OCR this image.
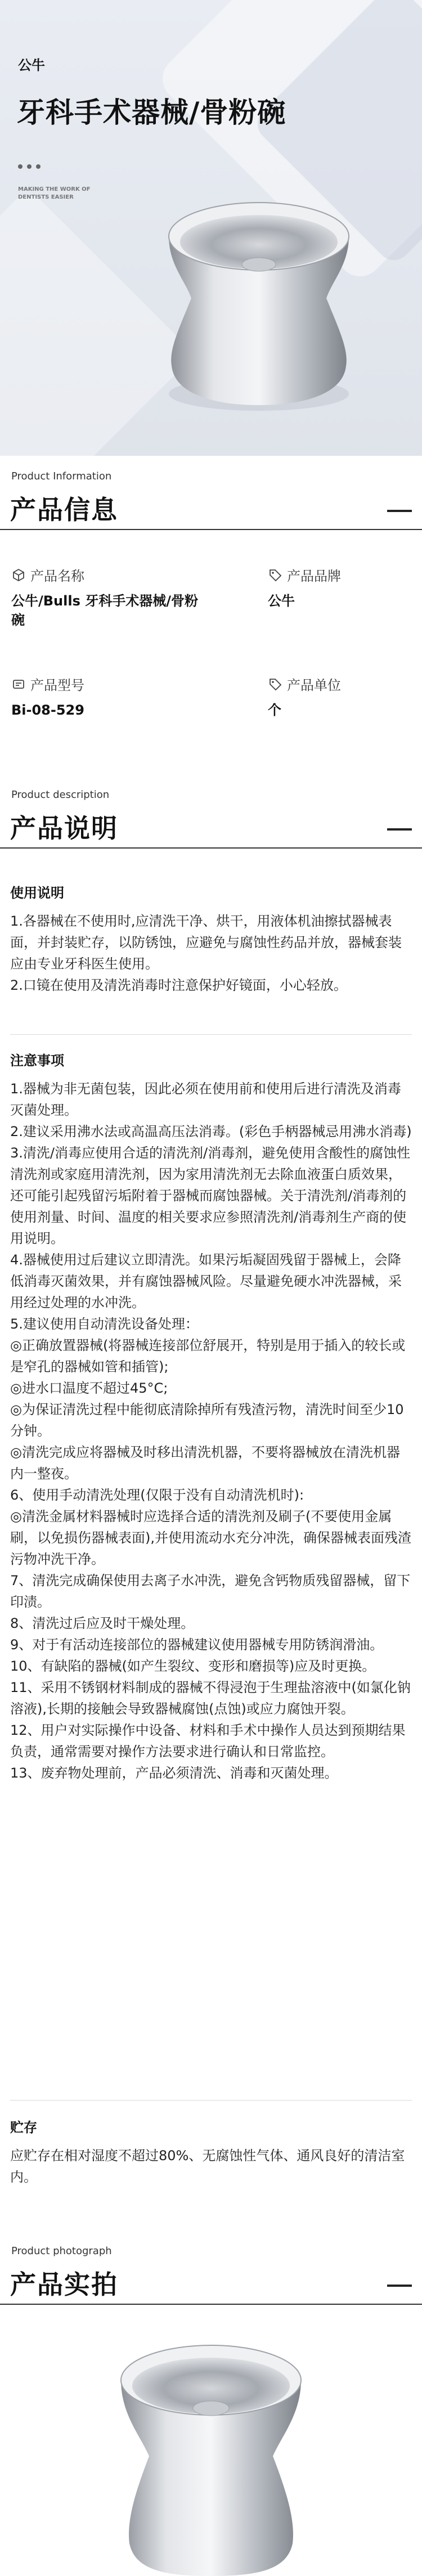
公牛
牙科手术器械/骨粉碗
MAKING THE WORK OF
DENTISTS EASIER
Product Information
产品信息
产品名称
公牛/Bulls 牙科手术器械/骨粉碗
产品品牌
公牛
产品型号
Bi-08-529
产品单位
个
Product description
产品说明
使用说明

1.各器械在不使用时,应清洗干净、烘干，用液体机油擦拭器械表面，并封装贮存，以防锈蚀，应避免与腐蚀性药品并放，器械套装应由专业牙科医生使用。

2.口镜在使用及清洗消毒时注意保护好镜面，小心轻放。

注意事项

1.器械为非无菌包装，因此必须在使用前和使用后进行清洗及消毒灭菌处理。

2.建议采用沸水法或高温高压法消毒。(彩色手柄器械忌用沸水消毒)

3.清洗/消毒应使用合适的清洗剂/消毒剂，避免使用含酸性的腐蚀性清洗剂或家庭用清洗剂，因为家用清洗剂无去除血液蛋白质效果，还可能引起残留污垢附着于器械而腐蚀器械。关于清洗剂/消毒剂的使用剂量、时间、温度的相关要求应参照清洗剂/消毒剂生产商的使用说明。

4.器械使用过后建议立即清洗。如果污垢凝固残留于器械上，会降低消毒灭菌效果，并有腐蚀器械风险。尽量避免硬水冲洗器械，采用经过处理的水冲洗。

5.建议使用自动清洗设备处理：

◎正确放置器械(将器械连接部位舒展开，特别是用于插入的较长或是窄孔的器械如管和插管);

◎进水口温度不超过45°C;

◎为保证清洗过程中能彻底清除掉所有残渣污物，清洗时间至少10分钟。

◎清洗完成应将器械及时移出清洗机器，不要将器械放在清洗机器内一整夜。

6、使用手动清洗处理(仅限于没有自动清洗机时):

◎清洗金属材料器械时应选择合适的清洗剂及刷子(不要使用金属刷，以免损伤器械表面),并使用流动水充分冲洗，确保器械表面残渣污物冲洗干净。

7、清洗完成确保使用去离子水冲洗，避免含钙物质残留器械，留下印渍。

8、清洗过后应及时干燥处理。

9、对于有活动连接部位的器械建议使用器械专用防锈润滑油。

10、有缺陷的器械(如产生裂纹、变形和磨损等)应及时更换。

11、采用不锈钢材料制成的器械不得浸泡于生理盐溶液中(如氯化钠溶液),长期的接触会导致器械腐蚀(点蚀)或应力腐蚀开裂。

12、用户对实际操作中设备、材料和手术中操作人员达到预期结果负责，通常需要对操作方法要求进行确认和日常监控。

13、废弃物处理前，产品必须清洗、消毒和灭菌处理。

贮存

应贮存在相对湿度不超过80%、无腐蚀性气体、通风良好的清洁室内。

Product photograph
产品实拍
